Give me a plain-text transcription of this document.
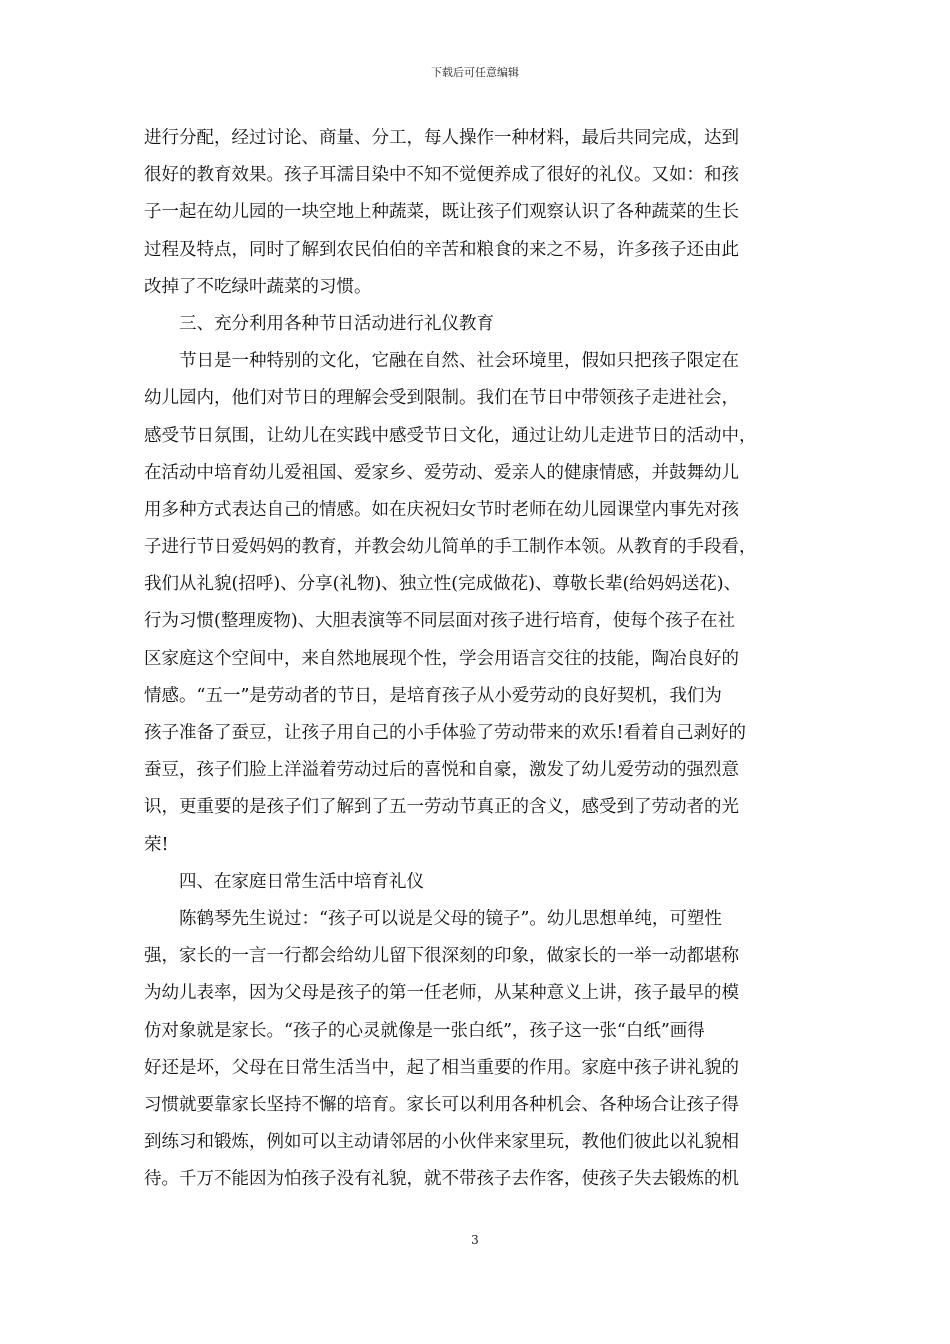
下载后可任意编辑
进行分配，经过讨论、商量、分工，每人操作一种材料，最后共同完成，达到
很好的教育效果。孩子耳濡目染中不知不觉便养成了很好的礼仪。又如：和孩
子一起在幼儿园的一块空地上种蔬菜，既让孩子们观察认识了各种蔬菜的生长
过程及特点，同时了解到农民伯伯的辛苦和粮食的来之不易，许多孩子还由此
改掉了不吃绿叶蔬菜的习惯。
三、充分利用各种节日活动进行礼仪教育
节日是一种特别的文化，它融在自然、社会环境里，假如只把孩子限定在
幼儿园内，他们对节日的理解会受到限制。我们在节日中带领孩子走进社会，
感受节日氛围，让幼儿在实践中感受节日文化，通过让幼儿走进节日的活动中，
在活动中培育幼儿爱祖国、爱家乡、爱劳动、爱亲人的健康情感，并鼓舞幼儿
用多种方式表达自己的情感。如在庆祝妇女节时老师在幼儿园课堂内事先对孩
子进行节日爱妈妈的教育，并教会幼儿简单的手工制作本领。从教育的手段看，
我们从礼貌(招呼)、分享(礼物)、独立性(完成做花)、尊敬长辈(给妈妈送花)、
行为习惯(整理废物)、大胆表演等不同层面对孩子进行培育，使每个孩子在社
区家庭这个空间中，来自然地展现个性，学会用语言交往的技能，陶冶良好的
情感。“五一”是劳动者的节日，是培育孩子从小爱劳动的良好契机，我们为
孩子准备了蚕豆，让孩子用自己的小手体验了劳动带来的欢乐!看着自己剥好的
蚕豆，孩子们脸上洋溢着劳动过后的喜悦和自豪，激发了幼儿爱劳动的强烈意
识，更重要的是孩子们了解到了五一劳动节真正的含义，感受到了劳动者的光
荣!
四、在家庭日常生活中培育礼仪
陈鹤琴先生说过：“孩子可以说是父母的镜子”。幼儿思想单纯，可塑性
强，家长的一言一行都会给幼儿留下很深刻的印象，做家长的一举一动都堪称
为幼儿表率，因为父母是孩子的第一任老师，从某种意义上讲，孩子最早的模
仿对象就是家长。“孩子的心灵就像是一张白纸”，孩子这一张“白纸”画得
好还是坏，父母在日常生活当中，起了相当重要的作用。家庭中孩子讲礼貌的
习惯就要靠家长坚持不懈的培育。家长可以利用各种机会、各种场合让孩子得
到练习和锻炼，例如可以主动请邻居的小伙伴来家里玩，教他们彼此以礼貌相
待。千万不能因为怕孩子没有礼貌，就不带孩子去作客，使孩子失去锻炼的机
3
